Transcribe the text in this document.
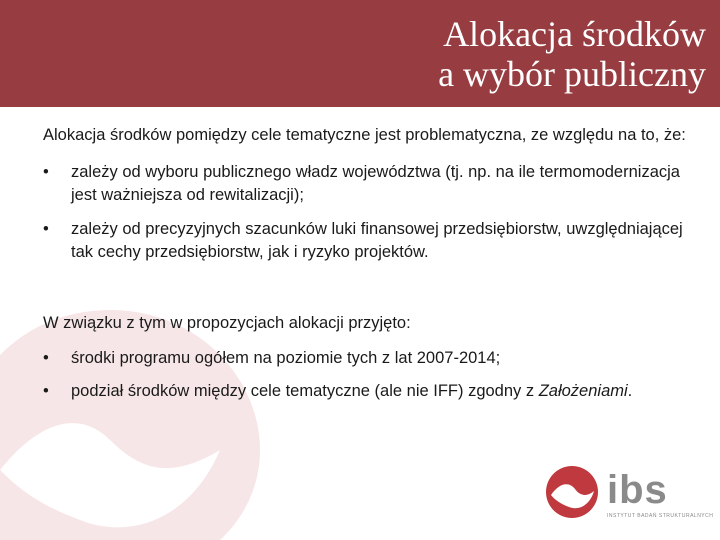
Alokacja środków
a wybór publiczny

Alokacja środków pomiędzy cele tematyczne jest problematyczna, ze względu na to, że:

• zależy od wyboru publicznego władz województwa (tj. np. na ile termomodernizacja jest ważniejsza od rewitalizacji);
• zależy od precyzyjnych szacunków luki finansowej przedsiębiorstw, uwzględniającej tak cechy przedsiębiorstw, jak i ryzyko projektów.

W związku z tym w propozycjach alokacji przyjęto:

• środki programu ogółem na poziomie tych z lat 2007-2014;
• podział środków między cele tematyczne (ale nie IFF) zgodny z Założeniami.
ibs
INSTYTUT BADAŃ STRUKTURALNYCH
